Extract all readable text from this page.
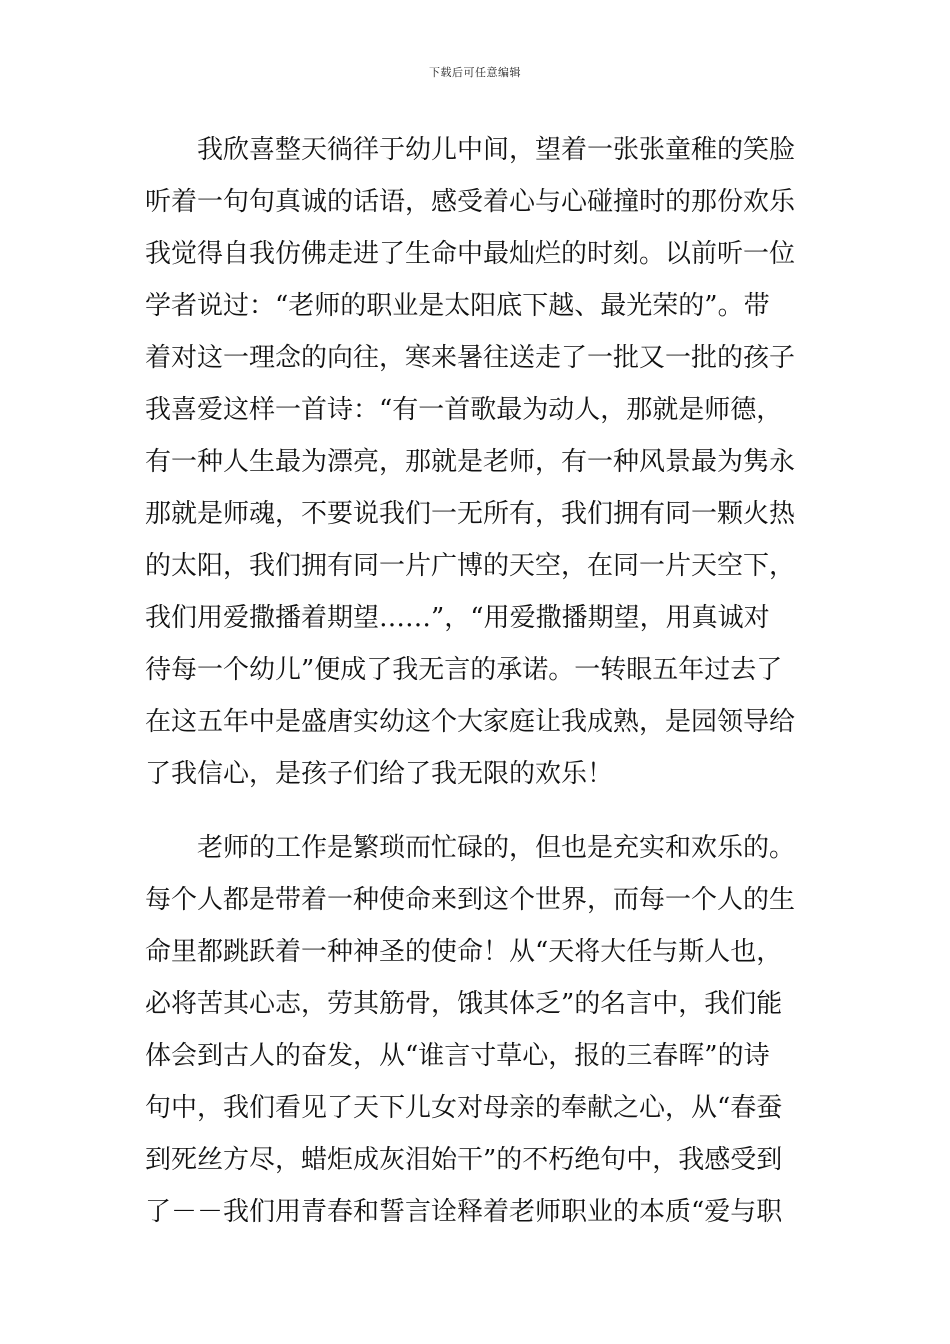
下载后可任意编辑
我欣喜整天徜徉于幼儿中间，望着一张张童稚的笑脸
听着一句句真诚的话语，感受着心与心碰撞时的那份欢乐
我觉得自我仿佛走进了生命中最灿烂的时刻。以前听一位
学者说过：“老师的职业是太阳底下越、最光荣的”。带
着对这一理念的向往，寒来暑往送走了一批又一批的孩子
我喜爱这样一首诗：“有一首歌最为动人，那就是师德，
有一种人生最为漂亮，那就是老师，有一种风景最为隽永
那就是师魂，不要说我们一无所有，我们拥有同一颗火热
的太阳，我们拥有同一片广博的天空，在同一片天空下，
我们用爱撒播着期望……”，“用爱撒播期望，用真诚对
待每一个幼儿”便成了我无言的承诺。一转眼五年过去了
在这五年中是盛唐实幼这个大家庭让我成熟，是园领导给
了我信心，是孩子们给了我无限的欢乐！
老师的工作是繁琐而忙碌的，但也是充实和欢乐的。
每个人都是带着一种使命来到这个世界，而每一个人的生
命里都跳跃着一种神圣的使命！从“天将大任与斯人也，
必将苦其心志，劳其筋骨，饿其体乏”的名言中，我们能
体会到古人的奋发，从“谁言寸草心，报的三春晖”的诗
句中，我们看见了天下儿女对母亲的奉献之心，从“春蚕
到死丝方尽，蜡炬成灰泪始干”的不朽绝句中，我感受到
了－－我们用青春和誓言诠释着老师职业的本质“爱与职
